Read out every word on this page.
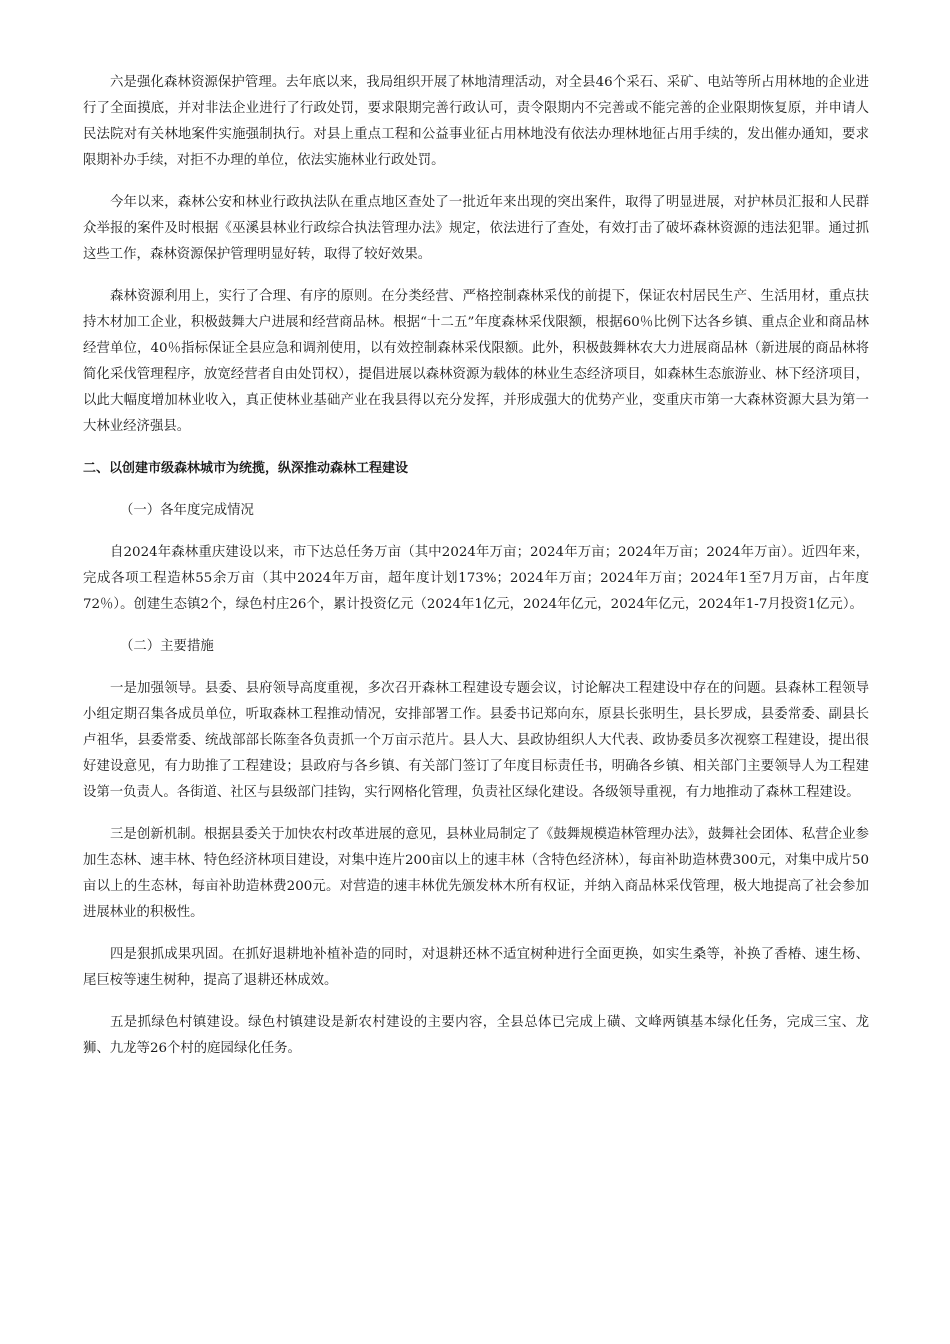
六是强化森林资源保护管理。去年底以来，我局组织开展了林地清理活动，对全县46个采石、采矿、电站等所占用林地的企业进行了全面摸底，并对非法企业进行了行政处罚，要求限期完善行政认可，责令限期内不完善或不能完善的企业限期恢复原，并申请人民法院对有关林地案件实施强制执行。对县上重点工程和公益事业征占用林地没有依法办理林地征占用手续的，发出催办通知，要求限期补办手续，对拒不办理的单位，依法实施林业行政处罚。

今年以来，森林公安和林业行政执法队在重点地区查处了一批近年来出现的突出案件，取得了明显进展，对护林员汇报和人民群众举报的案件及时根据《巫溪县林业行政综合执法管理办法》规定，依法进行了查处，有效打击了破坏森林资源的违法犯罪。通过抓这些工作，森林资源保护管理明显好转，取得了较好效果。

森林资源利用上，实行了合理、有序的原则。在分类经营、严格控制森林采伐的前提下，保证农村居民生产、生活用材，重点扶持木材加工企业，积极鼓舞大户进展和经营商品林。根据“十二五”年度森林采伐限额，根据60％比例下达各乡镇、重点企业和商品林经营单位，40％指标保证全县应急和调剂使用，以有效控制森林采伐限额。此外，积极鼓舞林农大力进展商品林（新进展的商品林将简化采伐管理程序，放宽经营者自由处罚权），提倡进展以森林资源为载体的林业生态经济项目，如森林生态旅游业、林下经济项目，以此大幅度增加林业收入，真正使林业基础产业在我县得以充分发挥，并形成强大的优势产业，变重庆市第一大森林资源大县为第一大林业经济强县。

二、以创建市级森林城市为统揽，纵深推动森林工程建设

（一）各年度完成情况

自2024年森林重庆建设以来，市下达总任务万亩（其中2024年万亩；2024年万亩；2024年万亩；2024年万亩）。近四年来，完成各项工程造林55余万亩（其中2024年万亩，超年度计划173%；2024年万亩；2024年万亩；2024年1至7月万亩，占年度72％）。创建生态镇2个，绿色村庄26个，累计投资亿元（2024年1亿元，2024年亿元，2024年亿元，2024年1-7月投资1亿元）。

（二）主要措施

一是加强领导。县委、县府领导高度重视，多次召开森林工程建设专题会议，讨论解决工程建设中存在的问题。县森林工程领导小组定期召集各成员单位，听取森林工程推动情况，安排部署工作。县委书记郑向东，原县长张明生，县长罗成，县委常委、副县长卢祖华，县委常委、统战部部长陈奎各负责抓一个万亩示范片。县人大、县政协组织人大代表、政协委员多次视察工程建设，提出很好建设意见，有力助推了工程建设；县政府与各乡镇、有关部门签订了年度目标责任书，明确各乡镇、相关部门主要领导人为工程建设第一负责人。各街道、社区与县级部门挂钩，实行网格化管理，负责社区绿化建设。各级领导重视，有力地推动了森林工程建设。

三是创新机制。根据县委关于加快农村改革进展的意见，县林业局制定了《鼓舞规模造林管理办法》，鼓舞社会团体、私营企业参加生态林、速丰林、特色经济林项目建设，对集中连片200亩以上的速丰林（含特色经济林），每亩补助造林费300元，对集中成片50亩以上的生态林，每亩补助造林费200元。对营造的速丰林优先颁发林木所有权证，并纳入商品林采伐管理，极大地提高了社会参加进展林业的积极性。

四是狠抓成果巩固。在抓好退耕地补植补造的同时，对退耕还林不适宜树种进行全面更换，如实生桑等，补换了香椿、速生杨、尾巨桉等速生树种，提高了退耕还林成效。

五是抓绿色村镇建设。绿色村镇建设是新农村建设的主要内容，全县总体已完成上磺、文峰两镇基本绿化任务，完成三宝、龙狮、九龙等26个村的庭园绿化任务。
